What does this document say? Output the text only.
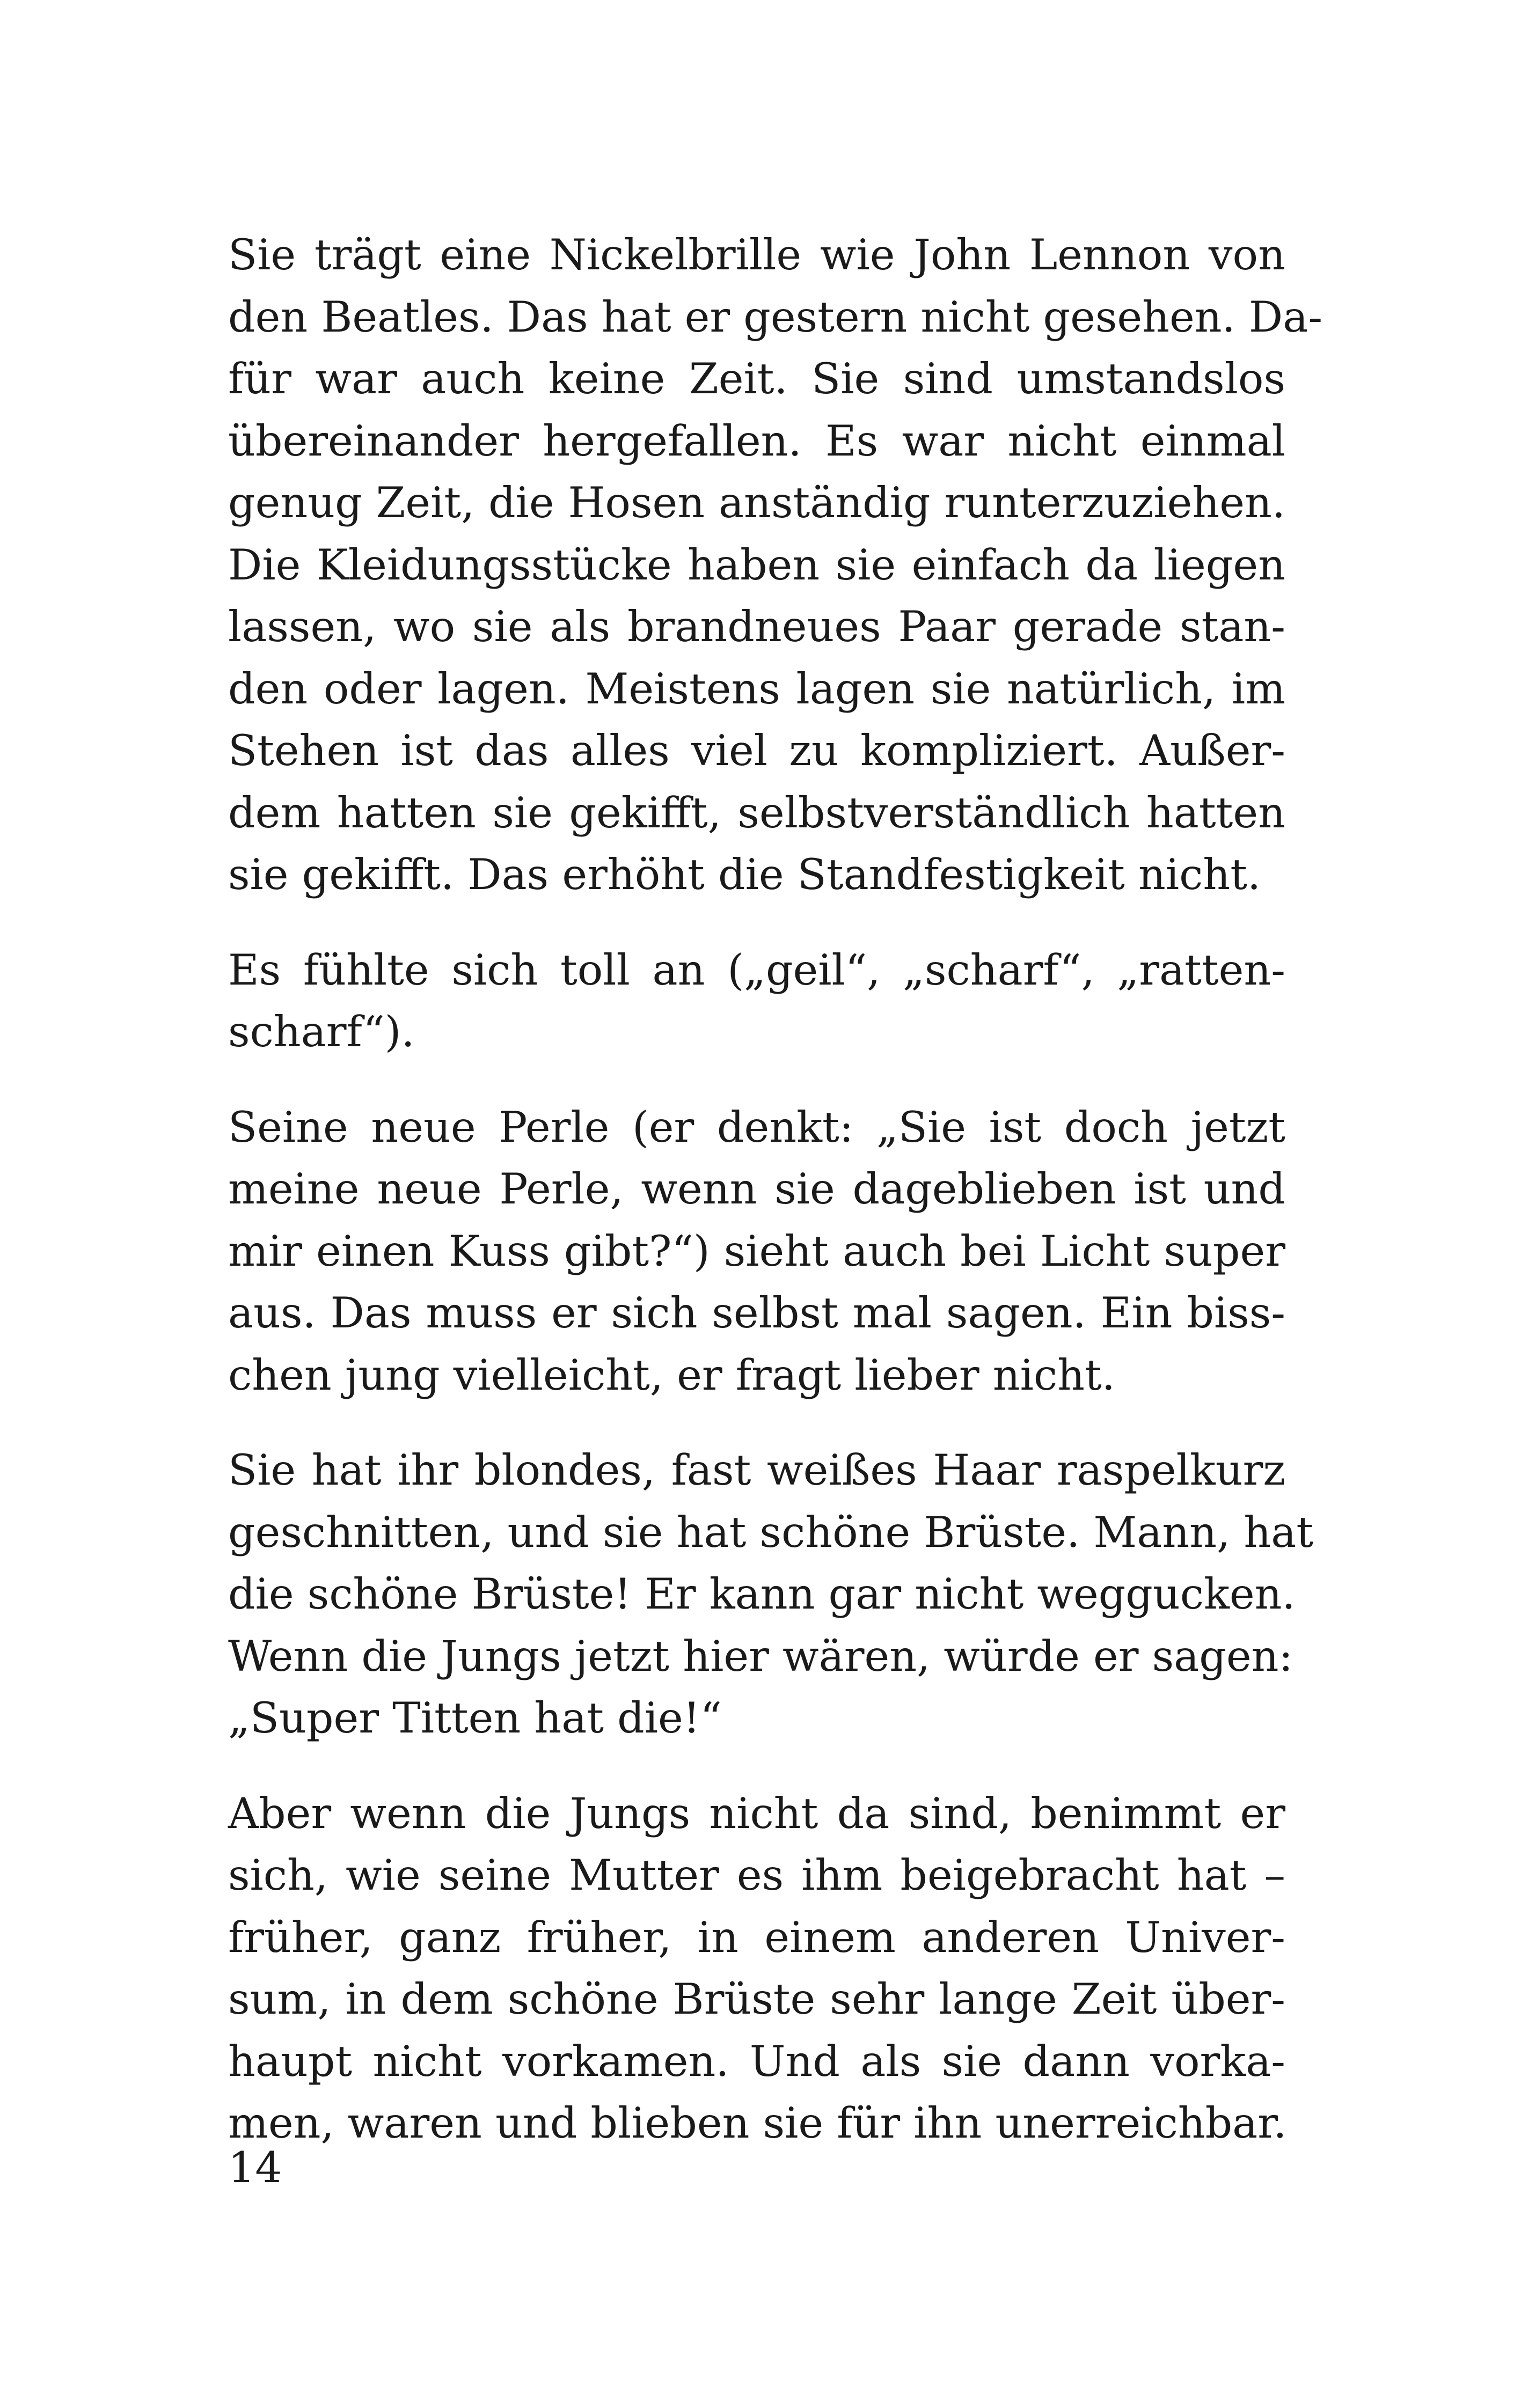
Sie trägt eine Nickelbrille wie John Lennon von
den Beatles. Das hat er gestern nicht gesehen. Da-
für war auch keine Zeit. Sie sind umstandslos
übereinander hergefallen. Es war nicht einmal
genug Zeit, die Hosen anständig runterzuziehen.
Die Kleidungsstücke haben sie einfach da liegen
lassen, wo sie als brandneues Paar gerade stan-
den oder lagen. Meistens lagen sie natürlich, im
Stehen ist das alles viel zu kompliziert. Außer-
dem hatten sie gekifft, selbstverständlich hatten
sie gekifft. Das erhöht die Standfestigkeit nicht.

Es fühlte sich toll an („geil“, „scharf“, „ratten-
scharf“).

Seine neue Perle (er denkt: „Sie ist doch jetzt
meine neue Perle, wenn sie dageblieben ist und
mir einen Kuss gibt?“) sieht auch bei Licht super
aus. Das muss er sich selbst mal sagen. Ein biss-
chen jung vielleicht, er fragt lieber nicht.

Sie hat ihr blondes, fast weißes Haar raspelkurz
geschnitten, und sie hat schöne Brüste. Mann, hat
die schöne Brüste! Er kann gar nicht weggucken.
Wenn die Jungs jetzt hier wären, würde er sagen:
„Super Titten hat die!“

Aber wenn die Jungs nicht da sind, benimmt er
sich, wie seine Mutter es ihm beigebracht hat –
früher, ganz früher, in einem anderen Univer-
sum, in dem schöne Brüste sehr lange Zeit über-
haupt nicht vorkamen. Und als sie dann vorka-
men, waren und blieben sie für ihn unerreichbar.

14
